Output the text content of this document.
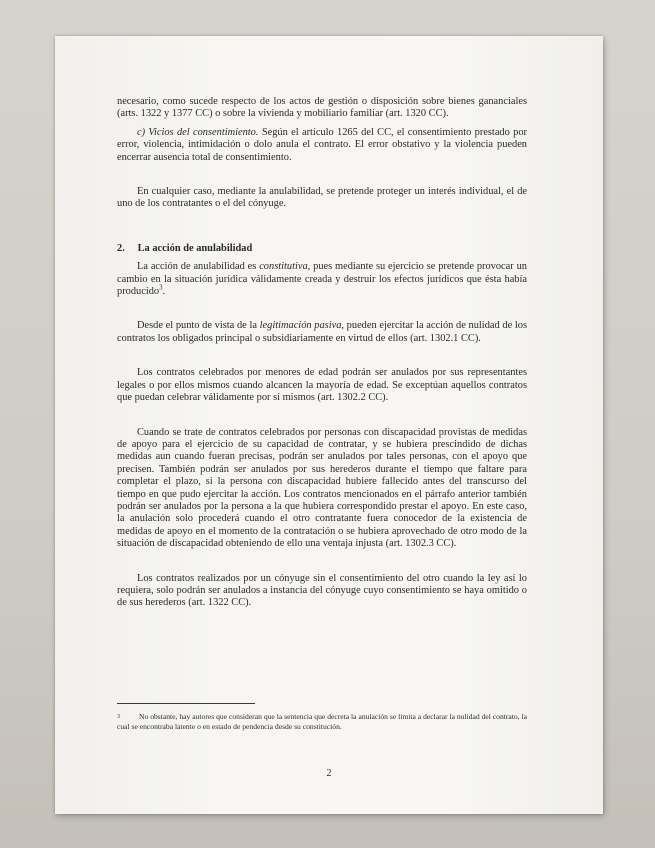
necesario, como sucede respecto de los actos de gestión o disposición sobre bienes gananciales (arts. 1322 y 1377 CC) o sobre la vivienda y mobiliario familiar (art. 1320 CC).

c) Vicios del consentimiento. Según el artículo 1265 del CC, el consentimiento prestado por error, violencia, intimidación o dolo anula el contrato. El error obstativo y la violencia pueden encerrar ausencia total de consentimiento.

En cualquier caso, mediante la anulabilidad, se pretende proteger un interés individual, el de uno de los contratantes o el del cónyuge.

2. La acción de anulabilidad

La acción de anulabilidad es constitutiva, pues mediante su ejercicio se pretende provocar un cambio en la situación jurídica válidamente creada y destruir los efectos jurídicos que ésta había producido$^3$.

Desde el punto de vista de la legitimación pasiva, pueden ejercitar la acción de nulidad de los contratos los obligados principal o subsidiariamente en virtud de ellos (art. 1302.1 CC).

Los contratos celebrados por menores de edad podrán ser anulados por sus representantes legales o por ellos mismos cuando alcancen la mayoría de edad. Se exceptúan aquellos contratos que puedan celebrar válidamente por sí mismos (art. 1302.2 CC).

Cuando se trate de contratos celebrados por personas con discapacidad provistas de medidas de apoyo para el ejercicio de su capacidad de contratar, y se hubiera prescindido de dichas medidas aun cuando fueran precisas, podrán ser anulados por tales personas, con el apoyo que precisen. También podrán ser anulados por sus herederos durante el tiempo que faltare para completar el plazo, si la persona con discapacidad hubiere fallecido antes del transcurso del tiempo en que pudo ejercitar la acción. Los contratos mencionados en el párrafo anterior también podrán ser anulados por la persona a la que hubiera correspondido prestar el apoyo. En este caso, la anulación solo procederá cuando el otro contratante fuera conocedor de la existencia de medidas de apoyo en el momento de la contratación o se hubiera aprovechado de otro modo de la situación de discapacidad obteniendo de ello una ventaja injusta (art. 1302.3 CC).

Los contratos realizados por un cónyuge sin el consentimiento del otro cuando la ley así lo requiera, solo podrán ser anulados a instancia del cónyuge cuyo consentimiento se haya omitido o de sus herederos (art. 1322 CC).

3	No obstante, hay autores que consideran que la sentencia que decreta la anulación se limita a declarar la nulidad del contrato, la cual se encontraba latente o en estado de pendencia desde su constitución.
2
